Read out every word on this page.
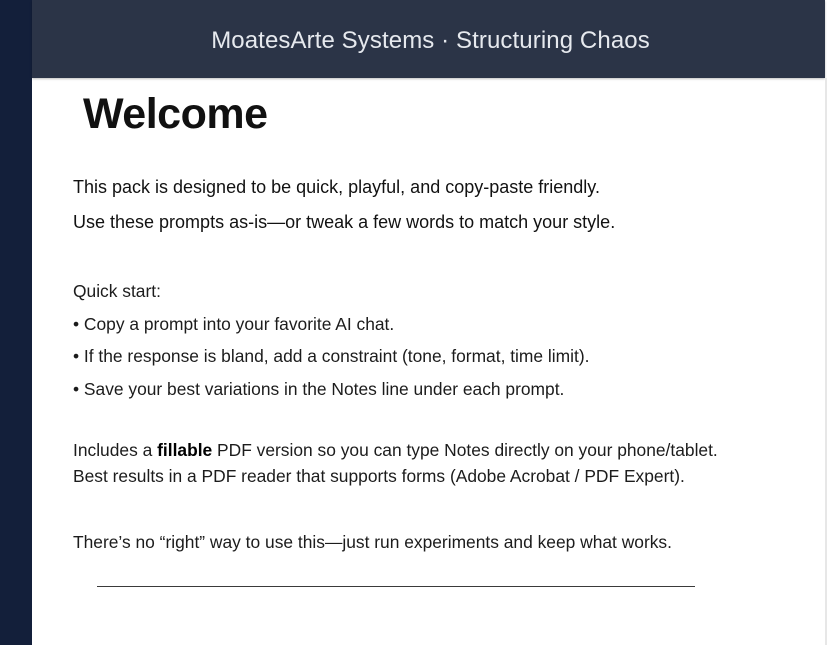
MoatesArte Systems · Structuring Chaos
Welcome

This pack is designed to be quick, playful, and copy-paste friendly.

Use these prompts as-is—or tweak a few words to match your style.

Quick start:

• Copy a prompt into your favorite AI chat.

• If the response is bland, add a constraint (tone, format, time limit).

• Save your best variations in the Notes line under each prompt.

Includes a fillable PDF version so you can type Notes directly on your phone/tablet.

Best results in a PDF reader that supports forms (Adobe Acrobat / PDF Expert).

There’s no “right” way to use this—just run experiments and keep what works.
